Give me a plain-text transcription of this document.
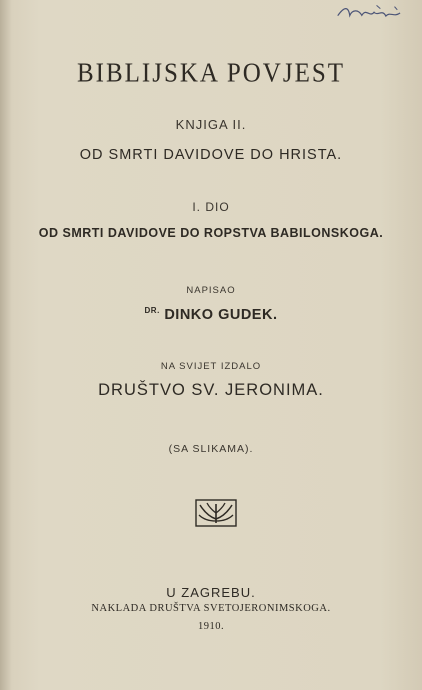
BIBLIJSKA POVJEST
KNJIGA II.
OD SMRTI DAVIDOVE DO HRISTA.
I. DIO
OD SMRTI DAVIDOVE DO ROPSTVA BABILONSKOGA.
NAPISAO
$^{DR.}$ DINKO GUDEK.
NA SVIJET IZDALO
DRUŠTVO SV. JERONIMA.
(SA SLIKAMA).
U ZAGREBU.
NAKLADA DRUŠTVA SVETOJERONIMSKOGA.
1910.
